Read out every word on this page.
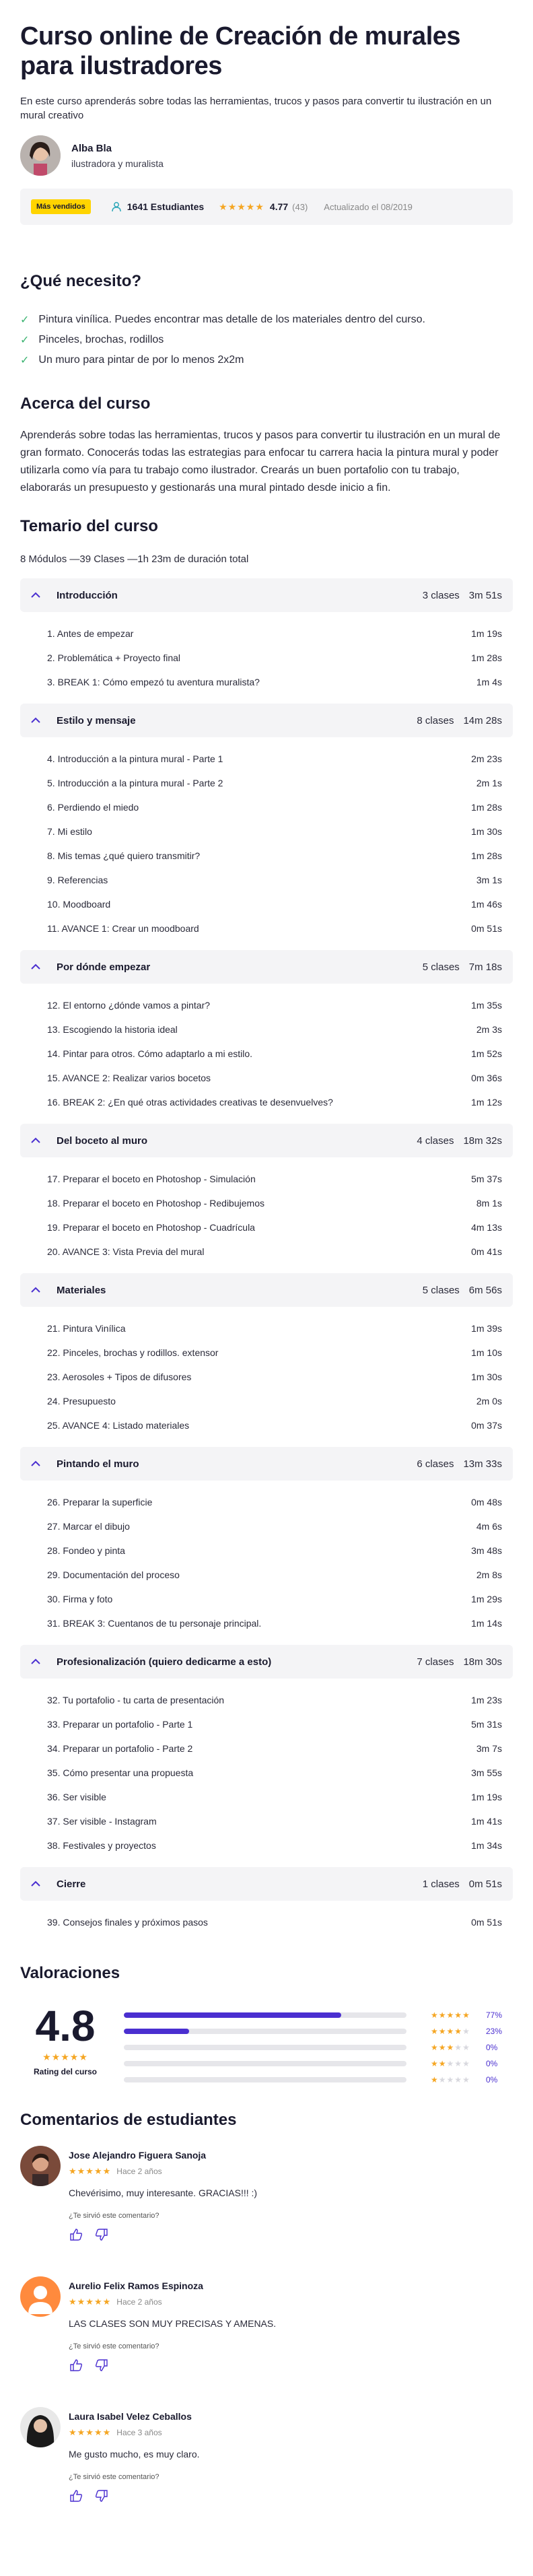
Curso online de Creación de murales para ilustradores

En este curso aprenderás sobre todas las herramientas, trucos y pasos para convertir tu ilustración en un mural creativo

Alba Bla
ilustradora y muralista
Más vendidos	1641 Estudiantes ★★★★★ 4.77 (43) Actualizado el 08/2019
¿Qué necesito?
✓ Pintura vinílica. Puedes encontrar mas detalle de los materiales dentro del curso.
✓ Pinceles, brochas, rodillos
✓ Un muro para pintar de por lo menos 2x2m
Acerca del curso

Aprenderás sobre todas las herramientas, trucos y pasos para convertir tu ilustración en un mural de gran formato. Conocerás todas las estrategias para enfocar tu carrera hacia la pintura mural y poder utilizarla como vía para tu trabajo como ilustrador. Crearás un buen portafolio con tu trabajo, elaborarás un presupuesto y gestionarás una mural pintado desde inicio a fin.

Temario del curso

8 Módulos —39 Clases —1h 23m de duración total

Introducción	3 clases 3m 51s
1. Antes de empezar	1m 19s
2. Problemática + Proyecto final	1m 28s
3. BREAK 1: Cómo empezó tu aventura muralista?	1m 4s
Estilo y mensaje	8 clases 14m 28s
4. Introducción a la pintura mural - Parte 1	2m 23s
5. Introducción a la pintura mural - Parte 2	2m 1s
6. Perdiendo el miedo	1m 28s
7. Mi estilo	1m 30s
8. Mis temas ¿qué quiero transmitir?	1m 28s
9. Referencias	3m 1s
10. Moodboard	1m 46s
11. AVANCE 1: Crear un moodboard	0m 51s
Por dónde empezar	5 clases 7m 18s
12. El entorno ¿dónde vamos a pintar?	1m 35s
13. Escogiendo la historia ideal	2m 3s
14. Pintar para otros. Cómo adaptarlo a mi estilo.	1m 52s
15. AVANCE 2: Realizar varios bocetos	0m 36s
16. BREAK 2: ¿En qué otras actividades creativas te desenvuelves?	1m 12s
Del boceto al muro	4 clases 18m 32s
17. Preparar el boceto en Photoshop - Simulación	5m 37s
18. Preparar el boceto en Photoshop - Redibujemos	8m 1s
19. Preparar el boceto en Photoshop - Cuadrícula	4m 13s
20. AVANCE 3: Vista Previa del mural	0m 41s
Materiales	5 clases 6m 56s
21. Pintura Vinílica	1m 39s
22. Pinceles, brochas y rodillos. extensor	1m 10s
23. Aerosoles + Tipos de difusores	1m 30s
24. Presupuesto	2m 0s
25. AVANCE 4: Listado materiales	0m 37s
Pintando el muro	6 clases 13m 33s
26. Preparar la superficie	0m 48s
27. Marcar el dibujo	4m 6s
28. Fondeo y pinta	3m 48s
29. Documentación del proceso	2m 8s
30. Firma y foto	1m 29s
31. BREAK 3: Cuentanos de tu personaje principal.	1m 14s
Profesionalización (quiero dedicarme a esto)	7 clases 18m 30s
32. Tu portafolio - tu carta de presentación	1m 23s
33. Preparar un portafolio - Parte 1	5m 31s
34. Preparar un portafolio - Parte 2	3m 7s
35. Cómo presentar una propuesta	3m 55s
36. Ser visible	1m 19s
37. Ser visible - Instagram	1m 41s
38. Festivales y proyectos	1m 34s
Cierre	1 clases 0m 51s
39. Consejos finales y próximos pasos	0m 51s
Valoraciones
4.8
★★★★★
Rating del curso
★★★★★	77%
★★★★★	23%
★★★★★	0%
★★★★★	0%
★★★★★	0%
Comentarios de estudiantes
Jose Alejandro Figuera Sanoja
★★★★★ Hace 2 años
Chevérisimo, muy interesante. GRACIAS!!! :)
¿Te sirvió este comentario?
Aurelio Felix Ramos Espinoza
★★★★★ Hace 2 años
LAS CLASES SON MUY PRECISAS Y AMENAS.
¿Te sirvió este comentario?
Laura Isabel Velez Ceballos
★★★★★ Hace 3 años
Me gusto mucho, es muy claro.
¿Te sirvió este comentario?
